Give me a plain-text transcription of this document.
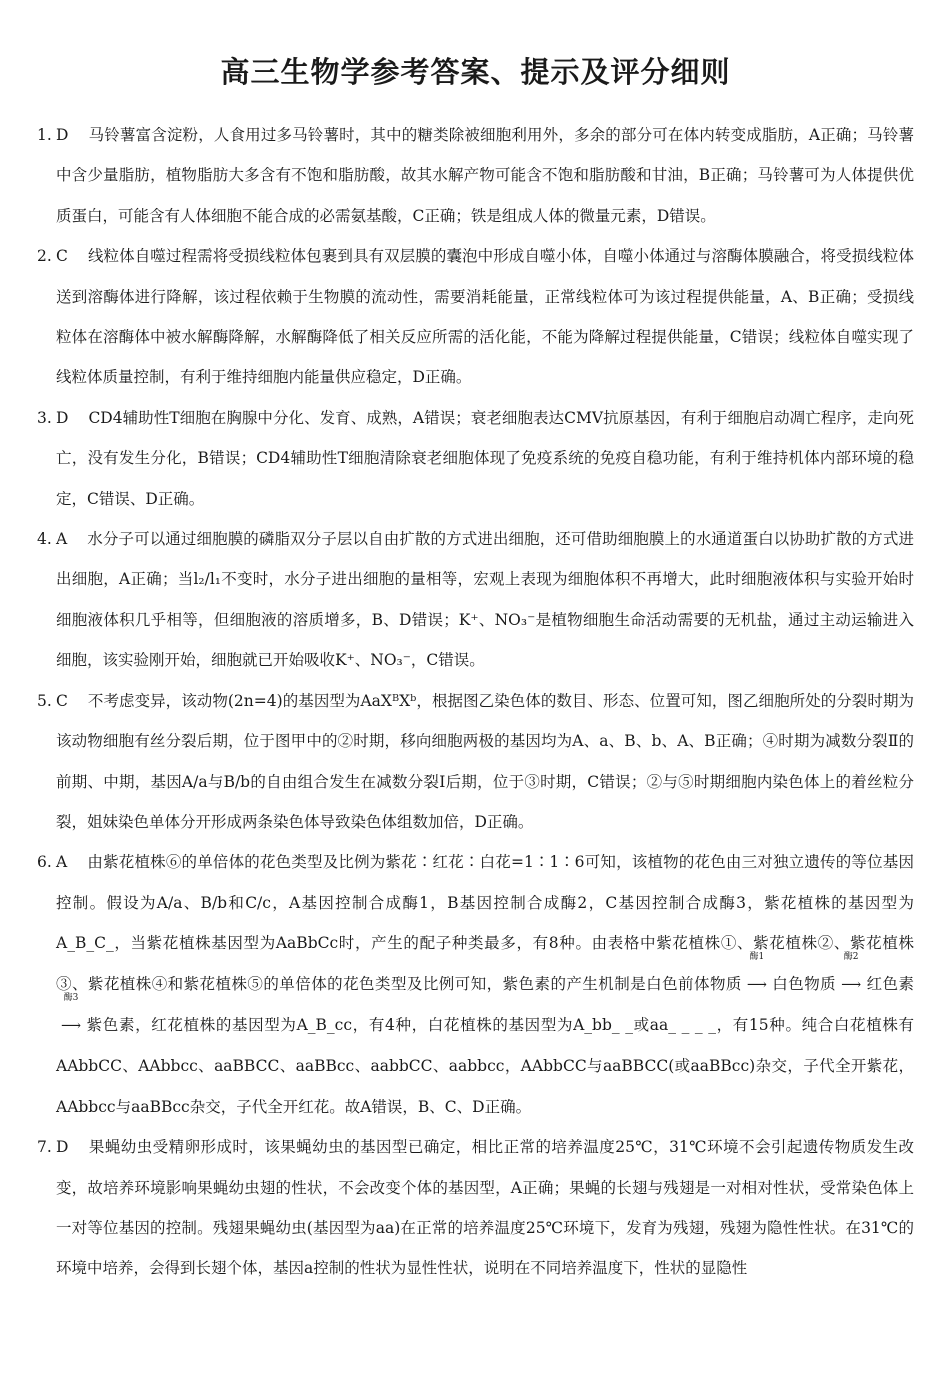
高三生物学参考答案、提示及评分细则
1. D 马铃薯富含淀粉，人食用过多马铃薯时，其中的糖类除被细胞利用外，多余的部分可在体内转变成脂肪，A正确；马铃薯中含少量脂肪，植物脂肪大多含有不饱和脂肪酸，故其水解产物可能含不饱和脂肪酸和甘油，B正确；马铃薯可为人体提供优质蛋白，可能含有人体细胞不能合成的必需氨基酸，C正确；铁是组成人体的微量元素，D错误。
2. C 线粒体自噬过程需将受损线粒体包裹到具有双层膜的囊泡中形成自噬小体，自噬小体通过与溶酶体膜融合，将受损线粒体送到溶酶体进行降解，该过程依赖于生物膜的流动性，需要消耗能量，正常线粒体可为该过程提供能量，A、B正确；受损线粒体在溶酶体中被水解酶降解，水解酶降低了相关反应所需的活化能，不能为降解过程提供能量，C错误；线粒体自噬实现了线粒体质量控制，有利于维持细胞内能量供应稳定，D正确。
3. D CD4辅助性T细胞在胸腺中分化、发育、成熟，A错误；衰老细胞表达CMV抗原基因，有利于细胞启动凋亡程序，走向死亡，没有发生分化，B错误；CD4辅助性T细胞清除衰老细胞体现了免疫系统的免疫自稳功能，有利于维持机体内部环境的稳定，C错误、D正确。
4. A 水分子可以通过细胞膜的磷脂双分子层以自由扩散的方式进出细胞，还可借助细胞膜上的水通道蛋白以协助扩散的方式进出细胞，A正确；当l₂/l₁不变时，水分子进出细胞的量相等，宏观上表现为细胞体积不再增大，此时细胞液体积与实验开始时细胞液体积几乎相等，但细胞液的溶质增多，B、D错误；K⁺、NO₃⁻是植物细胞生命活动需要的无机盐，通过主动运输进入细胞，该实验刚开始，细胞就已开始吸收K⁺、NO₃⁻，C错误。
5. C 不考虑变异，该动物(2n=4)的基因型为AaXᴮXᵇ，根据图乙染色体的数目、形态、位置可知，图乙细胞所处的分裂时期为该动物细胞有丝分裂后期，位于图甲中的②时期，移向细胞两极的基因均为A、a、B、b、A、B正确；④时期为减数分裂Ⅱ的前期、中期，基因A/a与B/b的自由组合发生在减数分裂Ⅰ后期，位于③时期，C错误；②与⑤时期细胞内染色体上的着丝粒分裂，姐妹染色单体分开形成两条染色体导致染色体组数加倍，D正确。
6. A 由紫花植株⑥的单倍体的花色类型及比例为紫花∶红花∶白花=1∶1∶6可知，该植物的花色由三对独立遗传的等位基因控制。假设为A/a、B/b和C/c，A基因控制合成酶1，B基因控制合成酶2，C基因控制合成酶3，紫花植株的基因型为A_B_C_，当紫花植株基因型为AaBbCc时，产生的配子种类最多，有8种。由表格中紫花植株①、紫花植株②、紫花植株③、紫花植株④和紫花植株⑤的单倍体的花色类型及比例可知，紫色素的产生机制是白色前体物质
酶1
⟶ 白色物质
酶2
⟶ 红色素
酶3
⟶ 紫色素，红花植株的基因型为A_B_cc，有4种，白花植株的基因型为A_bb_ _或aa_ _ _ _，有15种。纯合白花植株有AAbbCC、AAbbcc、aaBBCC、aaBBcc、aabbCC、aabbcc，AAbbCC与aaBBCC(或aaBBcc)杂交，子代全开紫花，AAbbcc与aaBBcc杂交，子代全开红花。故A错误，B、C、D正确。
7. D 果蝇幼虫受精卵形成时，该果蝇幼虫的基因型已确定，相比正常的培养温度25℃，31℃环境不会引起遗传物质发生改变，故培养环境影响果蝇幼虫翅的性状，不会改变个体的基因型，A正确；果蝇的长翅与残翅是一对相对性状，受常染色体上一对等位基因的控制。残翅果蝇幼虫(基因型为aa)在正常的培养温度25℃环境下，发育为残翅，残翅为隐性性状。在31℃的环境中培养，会得到长翅个体，基因a控制的性状为显性性状，说明在不同培养温度下，性状的显隐性
